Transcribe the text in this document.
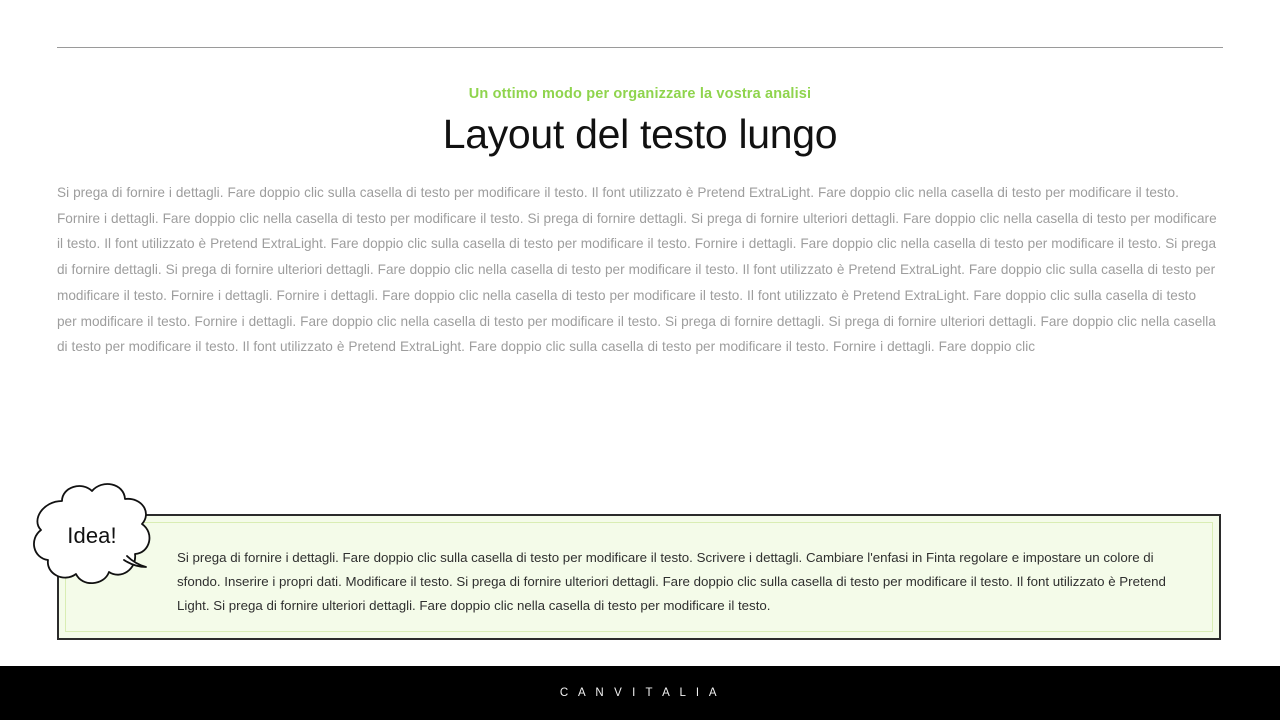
Un ottimo modo per organizzare la vostra analisi

Layout del testo lungo
Si prega di fornire i dettagli. Fare doppio clic sulla casella di testo per modificare il testo. Il font utilizzato è Pretend ExtraLight. Fare doppio clic nella casella di testo per modificare il testo. Fornire i dettagli. Fare doppio clic nella casella di testo per modificare il testo. Si prega di fornire dettagli. Si prega di fornire ulteriori dettagli. Fare doppio clic nella casella di testo per modificare il testo. Il font utilizzato è Pretend ExtraLight. Fare doppio clic sulla casella di testo per modificare il testo. Fornire i dettagli. Fare doppio clic nella casella di testo per modificare il testo. Si prega di fornire dettagli. Si prega di fornire ulteriori dettagli. Fare doppio clic nella casella di testo per modificare il testo. Il font utilizzato è Pretend ExtraLight. Fare doppio clic sulla casella di testo per modificare il testo. Fornire i dettagli. Fornire i dettagli. Fare doppio clic nella casella di testo per modificare il testo. Il font utilizzato è Pretend ExtraLight. Fare doppio clic sulla casella di testo per modificare il testo. Fornire i dettagli. Fare doppio clic nella casella di testo per modificare il testo. Si prega di fornire dettagli. Si prega di fornire ulteriori dettagli. Fare doppio clic nella casella di testo per modificare il testo. Il font utilizzato è Pretend ExtraLight. Fare doppio clic sulla casella di testo per modificare il testo. Fornire i dettagli. Fare doppio clic
Si prega di fornire i dettagli. Fare doppio clic sulla casella di testo per modificare il testo. Scrivere i dettagli. Cambiare l'enfasi in Finta regolare e impostare un colore di sfondo. Inserire i propri dati. Modificare il testo. Si prega di fornire ulteriori dettagli. Fare doppio clic sulla casella di testo per modificare il testo. Il font utilizzato è Pretend Light. Si prega di fornire ulteriori dettagli. Fare doppio clic nella casella di testo per modificare il testo.
Idea!
C A N V I T A L I A
